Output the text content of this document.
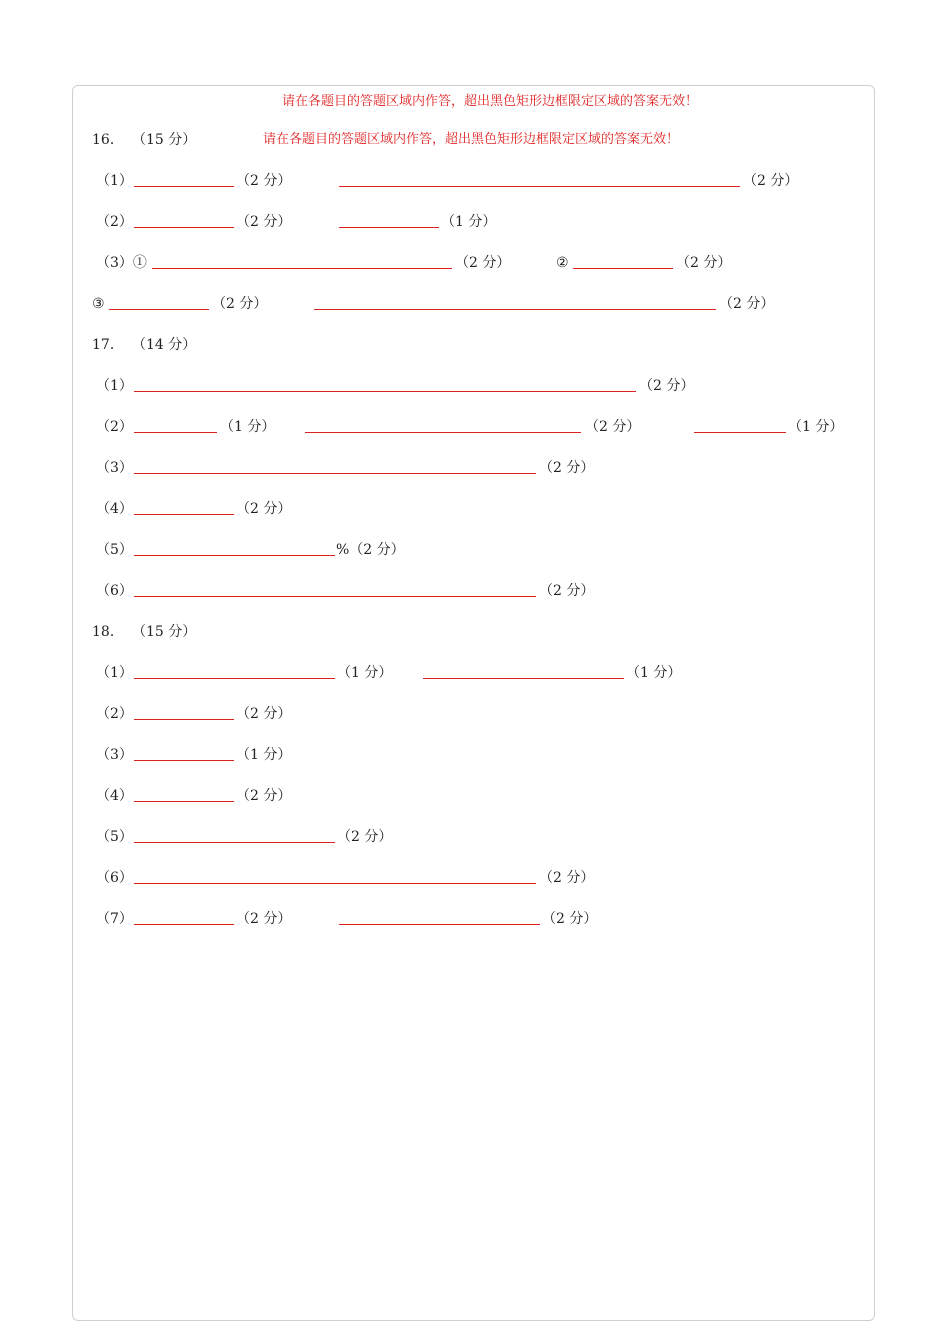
请在各题目的答题区域内作答，超出黑色矩形边框限定区域的答案无效！
16． （15 分）	请在各题目的答题区域内作答，超出黑色矩形边框限定区域的答案无效！
（1）	（2 分）	（2 分）
（2）	（2 分）	（1 分）
（3）①	（2 分）	②	（2 分）
③	（2 分）	（2 分）
17． （14 分）
（1）	（2 分）
（2）	（1 分）	（2 分）	（1 分）
（3）	（2 分）
（4）	（2 分）
（5）	%（2 分）
（6）	（2 分）
18． （15 分）
（1）	（1 分）	（1 分）
（2）	（2 分）
（3）	（1 分）
（4）	（2 分）
（5）	（2 分）
（6）	（2 分）
（7）	（2 分）	（2 分）
